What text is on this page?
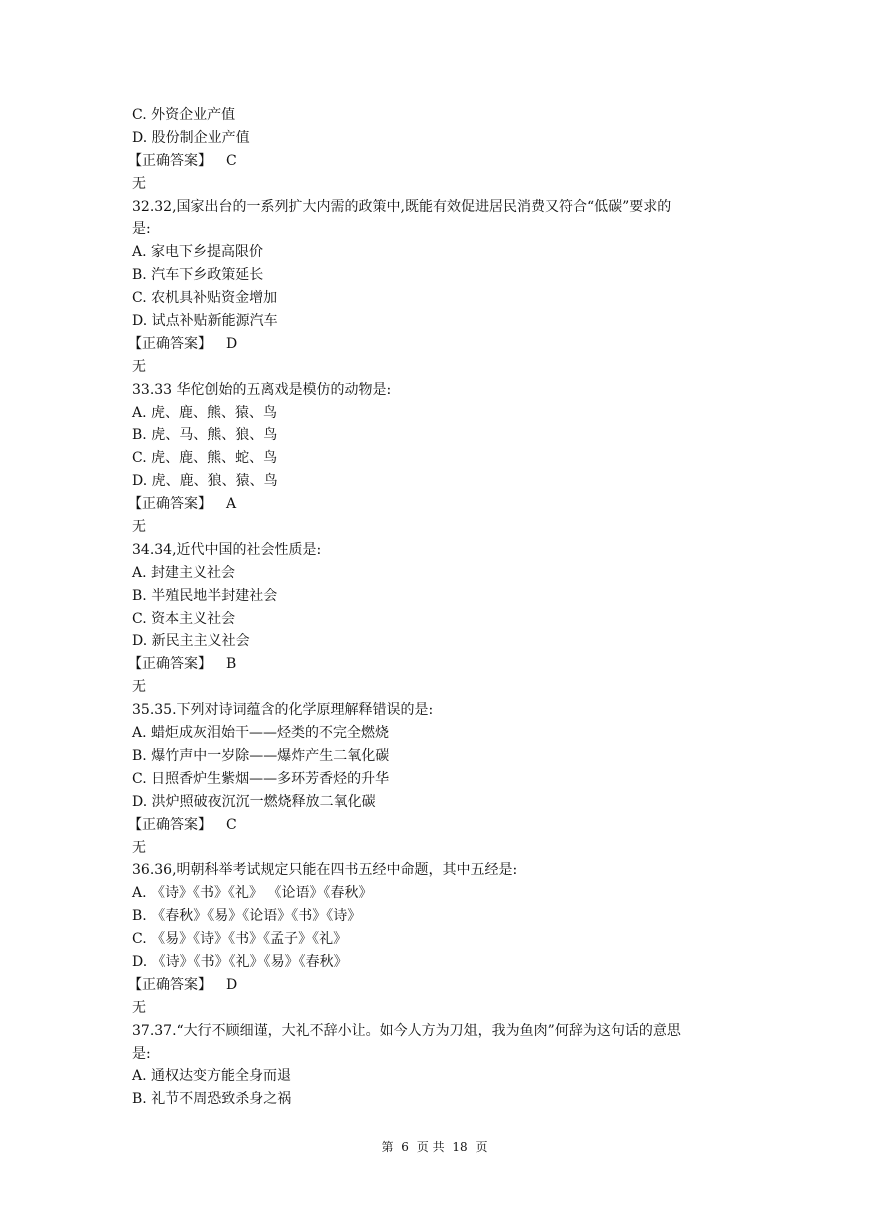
C. 外资企业产值
D. 股份制企业产值
【正确答案】 C
无
32.32,国家出台的一系列扩大内需的政策中,既能有效促进居民消费又符合“低碳”要求的
是:
A. 家电下乡提高限价
B. 汽车下乡政策延长
C. 农机具补贴资金增加
D. 试点补贴新能源汽车
【正确答案】 D
无
33.33 华佗创始的五离戏是模仿的动物是:
A. 虎、鹿、熊、猿、鸟
B. 虎、马、熊、狼、鸟
C. 虎、鹿、熊、蛇、鸟
D. 虎、鹿、狼、猿、鸟
【正确答案】 A
无
34.34,近代中国的社会性质是:
A. 封建主义社会
B. 半殖民地半封建社会
C. 资本主义社会
D. 新民主主义社会
【正确答案】 B
无
35.35.下列对诗词蕴含的化学原理解释错误的是:
A. 蜡炬成灰泪始干——烃类的不完全燃烧
B. 爆竹声中一岁除——爆炸产生二氧化碳
C. 日照香炉生紫烟——多环芳香烃的升华
D. 洪炉照破夜沉沉一燃烧释放二氧化碳
【正确答案】 C
无
36.36,明朝科举考试规定只能在四书五经中命题，其中五经是:
A. 《诗》《书》《礼》 《论语》《春秋》
B. 《春秋》《易》《论语》《书》《诗》
C. 《易》《诗》《书》《孟子》《礼》
D. 《诗》《书》《礼》《易》《春秋》
【正确答案】 D
无
37.37.“大行不顾细谨，大礼不辞小让。如今人方为刀俎，我为鱼肉”何辞为这句话的意思
是:
A. 通权达变方能全身而退
B. 礼节不周恐致杀身之祸
第 6 页 共 18 页
